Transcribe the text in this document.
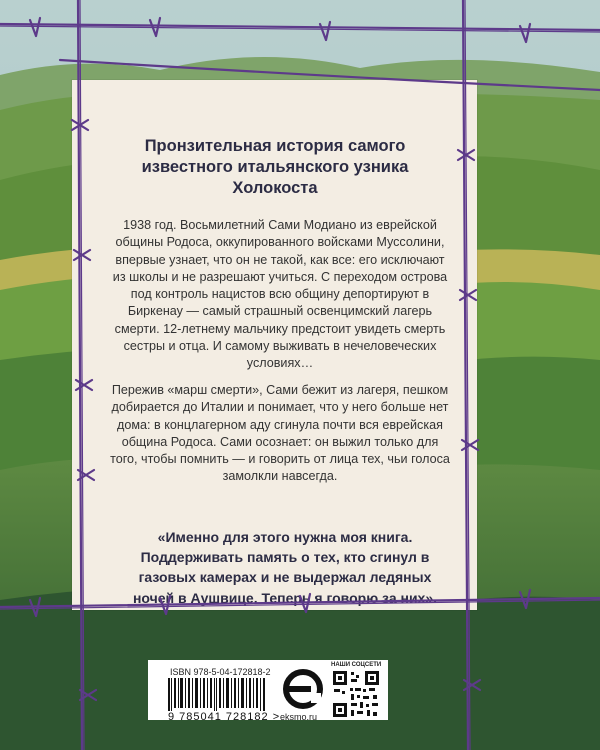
Пронзительная история самого известного итальянского узника Холокоста
1938 год. Восьмилетний Сами Модиано из еврейской общины Родоса, оккупированного войсками Муссолини, впервые узнает, что он не такой, как все: его исключают из школы и не разрешают учиться. С переходом острова под контроль нацистов всю общину депортируют в Биркенау — самый страшный освенцимский лагерь смерти. 12-летнему мальчику предстоит увидеть смерть сестры и отца. И самому выживать в нечеловеческих условиях…
Пережив «марш смерти», Сами бежит из лагеря, пешком добирается до Италии и понимает, что у него больше нет дома: в концлагерном аду сгинула почти вся еврейская община Родоса. Сами осознает: он выжил только для того, чтобы помнить — и говорить от лица тех, чьи голоса замолкли навсегда.
«Именно для этого нужна моя книга. Поддерживать память о тех, кто сгинул в газовых камерах и не выдержал ледяных ночей в Аушвице. Теперь я говорю за них».
ISBN 978-5-04-172818-2
9 785041 728182 > eksmo.ru
НАШИ СОЦСЕТИ
